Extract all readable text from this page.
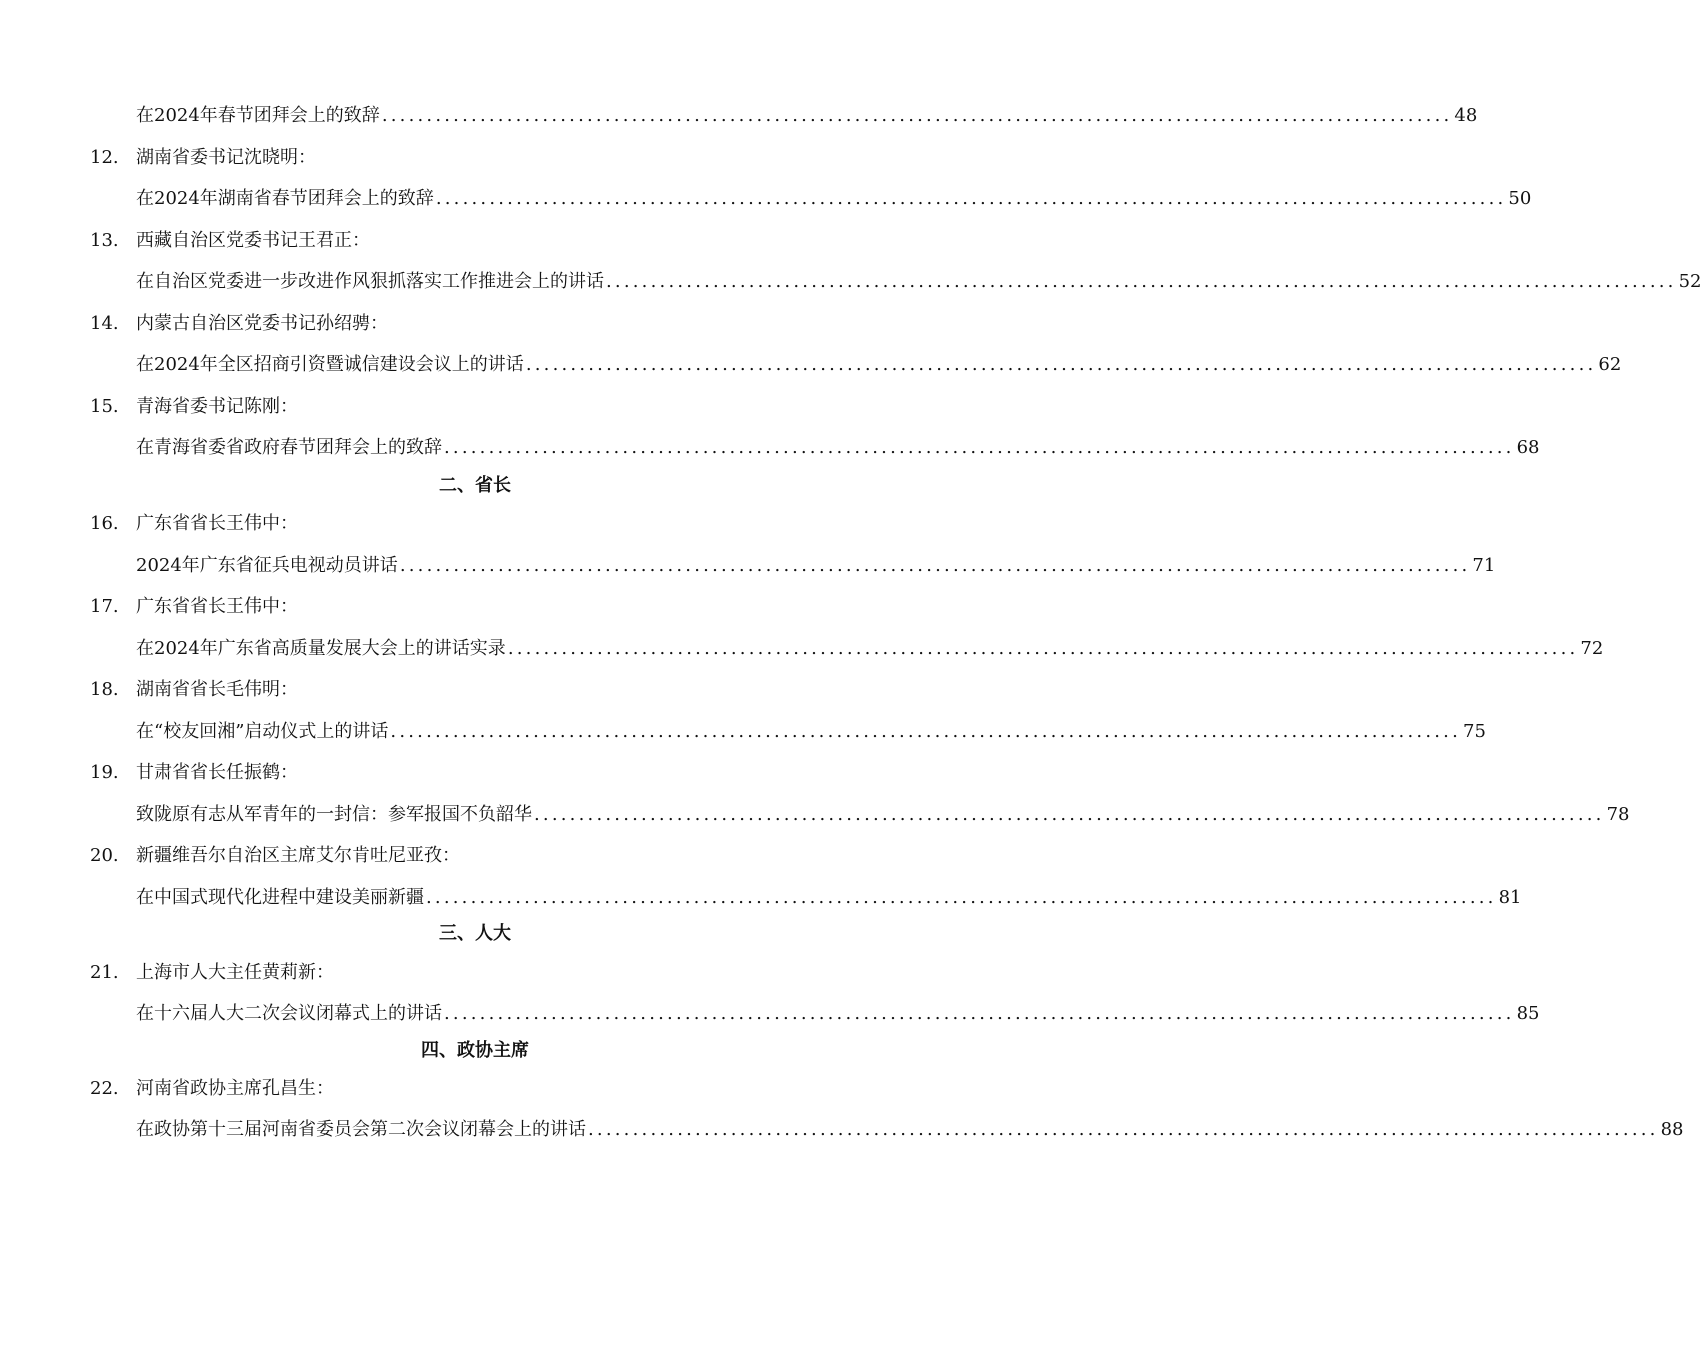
在2024年春节团拜会上的致辞 ........................................................................................................................ 48
12. 湖南省委书记沈晓明：
在2024年湖南省春节团拜会上的致辞 ........................................................................................................................ 50
13. 西藏自治区党委书记王君正：
在自治区党委进一步改进作风狠抓落实工作推进会上的讲话 ........................................................................................................................ 52
14. 内蒙古自治区党委书记孙绍骋：
在2024年全区招商引资暨诚信建设会议上的讲话 ........................................................................................................................ 62
15. 青海省委书记陈刚：
在青海省委省政府春节团拜会上的致辞 ........................................................................................................................ 68
二、省长
16. 广东省省长王伟中：
2024年广东省征兵电视动员讲话 ........................................................................................................................ 71
17. 广东省省长王伟中：
在2024年广东省高质量发展大会上的讲话实录 ........................................................................................................................ 72
18. 湖南省省长毛伟明：
在“校友回湘”启动仪式上的讲话 ........................................................................................................................ 75
19. 甘肃省省长任振鹤：
致陇原有志从军青年的一封信：参军报国不负韶华 ........................................................................................................................ 78
20. 新疆维吾尔自治区主席艾尔肯吐尼亚孜：
在中国式现代化进程中建设美丽新疆 ........................................................................................................................ 81
三、人大
21. 上海市人大主任黄莉新：
在十六届人大二次会议闭幕式上的讲话 ........................................................................................................................ 85
四、政协主席
22. 河南省政协主席孔昌生：
在政协第十三届河南省委员会第二次会议闭幕会上的讲话 ........................................................................................................................ 88
